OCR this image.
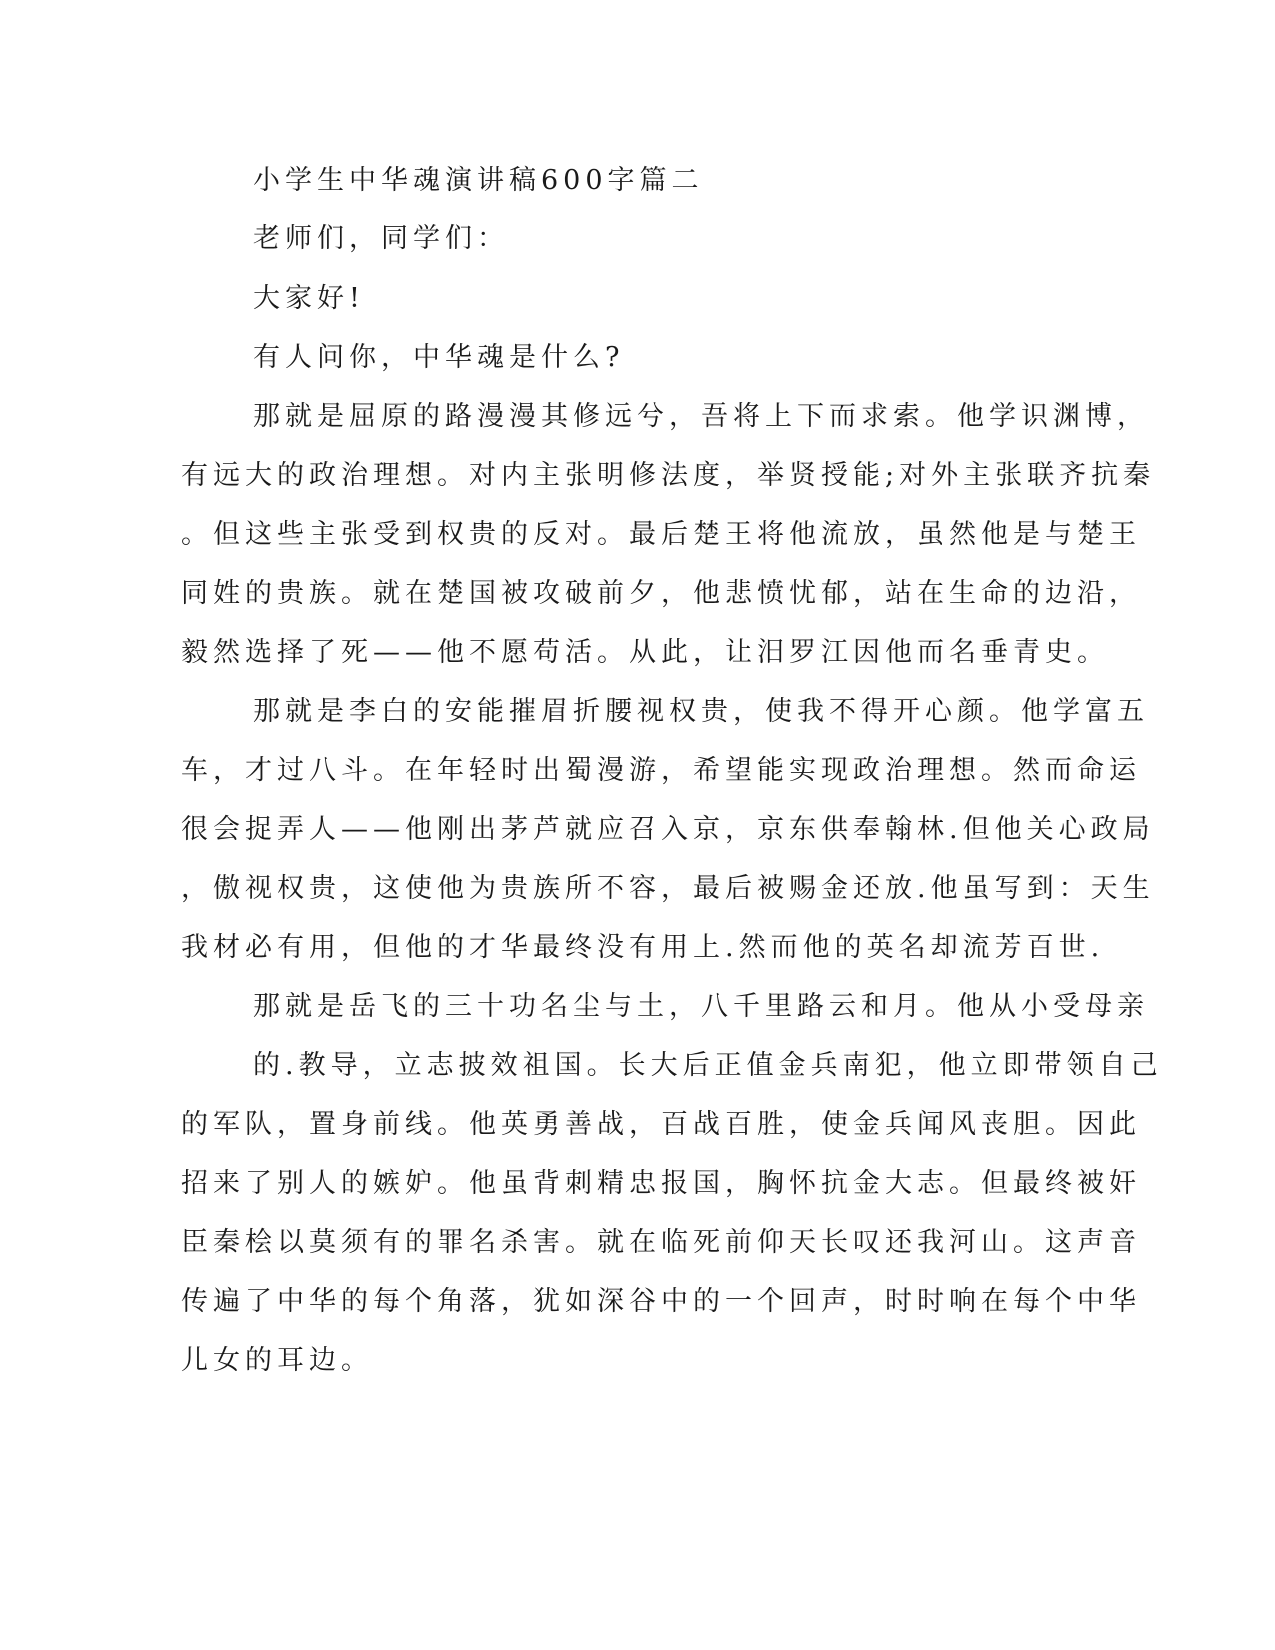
小学生中华魂演讲稿600字篇二
老师们，同学们：
大家好!
有人问你，中华魂是什么?
那就是屈原的路漫漫其修远兮，吾将上下而求索。他学识渊博，
有远大的政治理想。对内主张明修法度，举贤授能;对外主张联齐抗秦
。但这些主张受到权贵的反对。最后楚王将他流放，虽然他是与楚王
同姓的贵族。就在楚国被攻破前夕，他悲愤忧郁，站在生命的边沿，
毅然选择了死——他不愿苟活。从此，让汨罗江因他而名垂青史。
那就是李白的安能摧眉折腰视权贵，使我不得开心颜。他学富五
车，才过八斗。在年轻时出蜀漫游，希望能实现政治理想。然而命运
很会捉弄人——他刚出茅芦就应召入京，京东供奉翰林.但他关心政局
，傲视权贵，这使他为贵族所不容，最后被赐金还放.他虽写到：天生
我材必有用，但他的才华最终没有用上.然而他的英名却流芳百世.
那就是岳飞的三十功名尘与土，八千里路云和月。他从小受母亲
的.教导，立志披效祖国。长大后正值金兵南犯，他立即带领自己
的军队，置身前线。他英勇善战，百战百胜，使金兵闻风丧胆。因此
招来了别人的嫉妒。他虽背刺精忠报国，胸怀抗金大志。但最终被奸
臣秦桧以莫须有的罪名杀害。就在临死前仰天长叹还我河山。这声音
传遍了中华的每个角落，犹如深谷中的一个回声，时时响在每个中华
儿女的耳边。
